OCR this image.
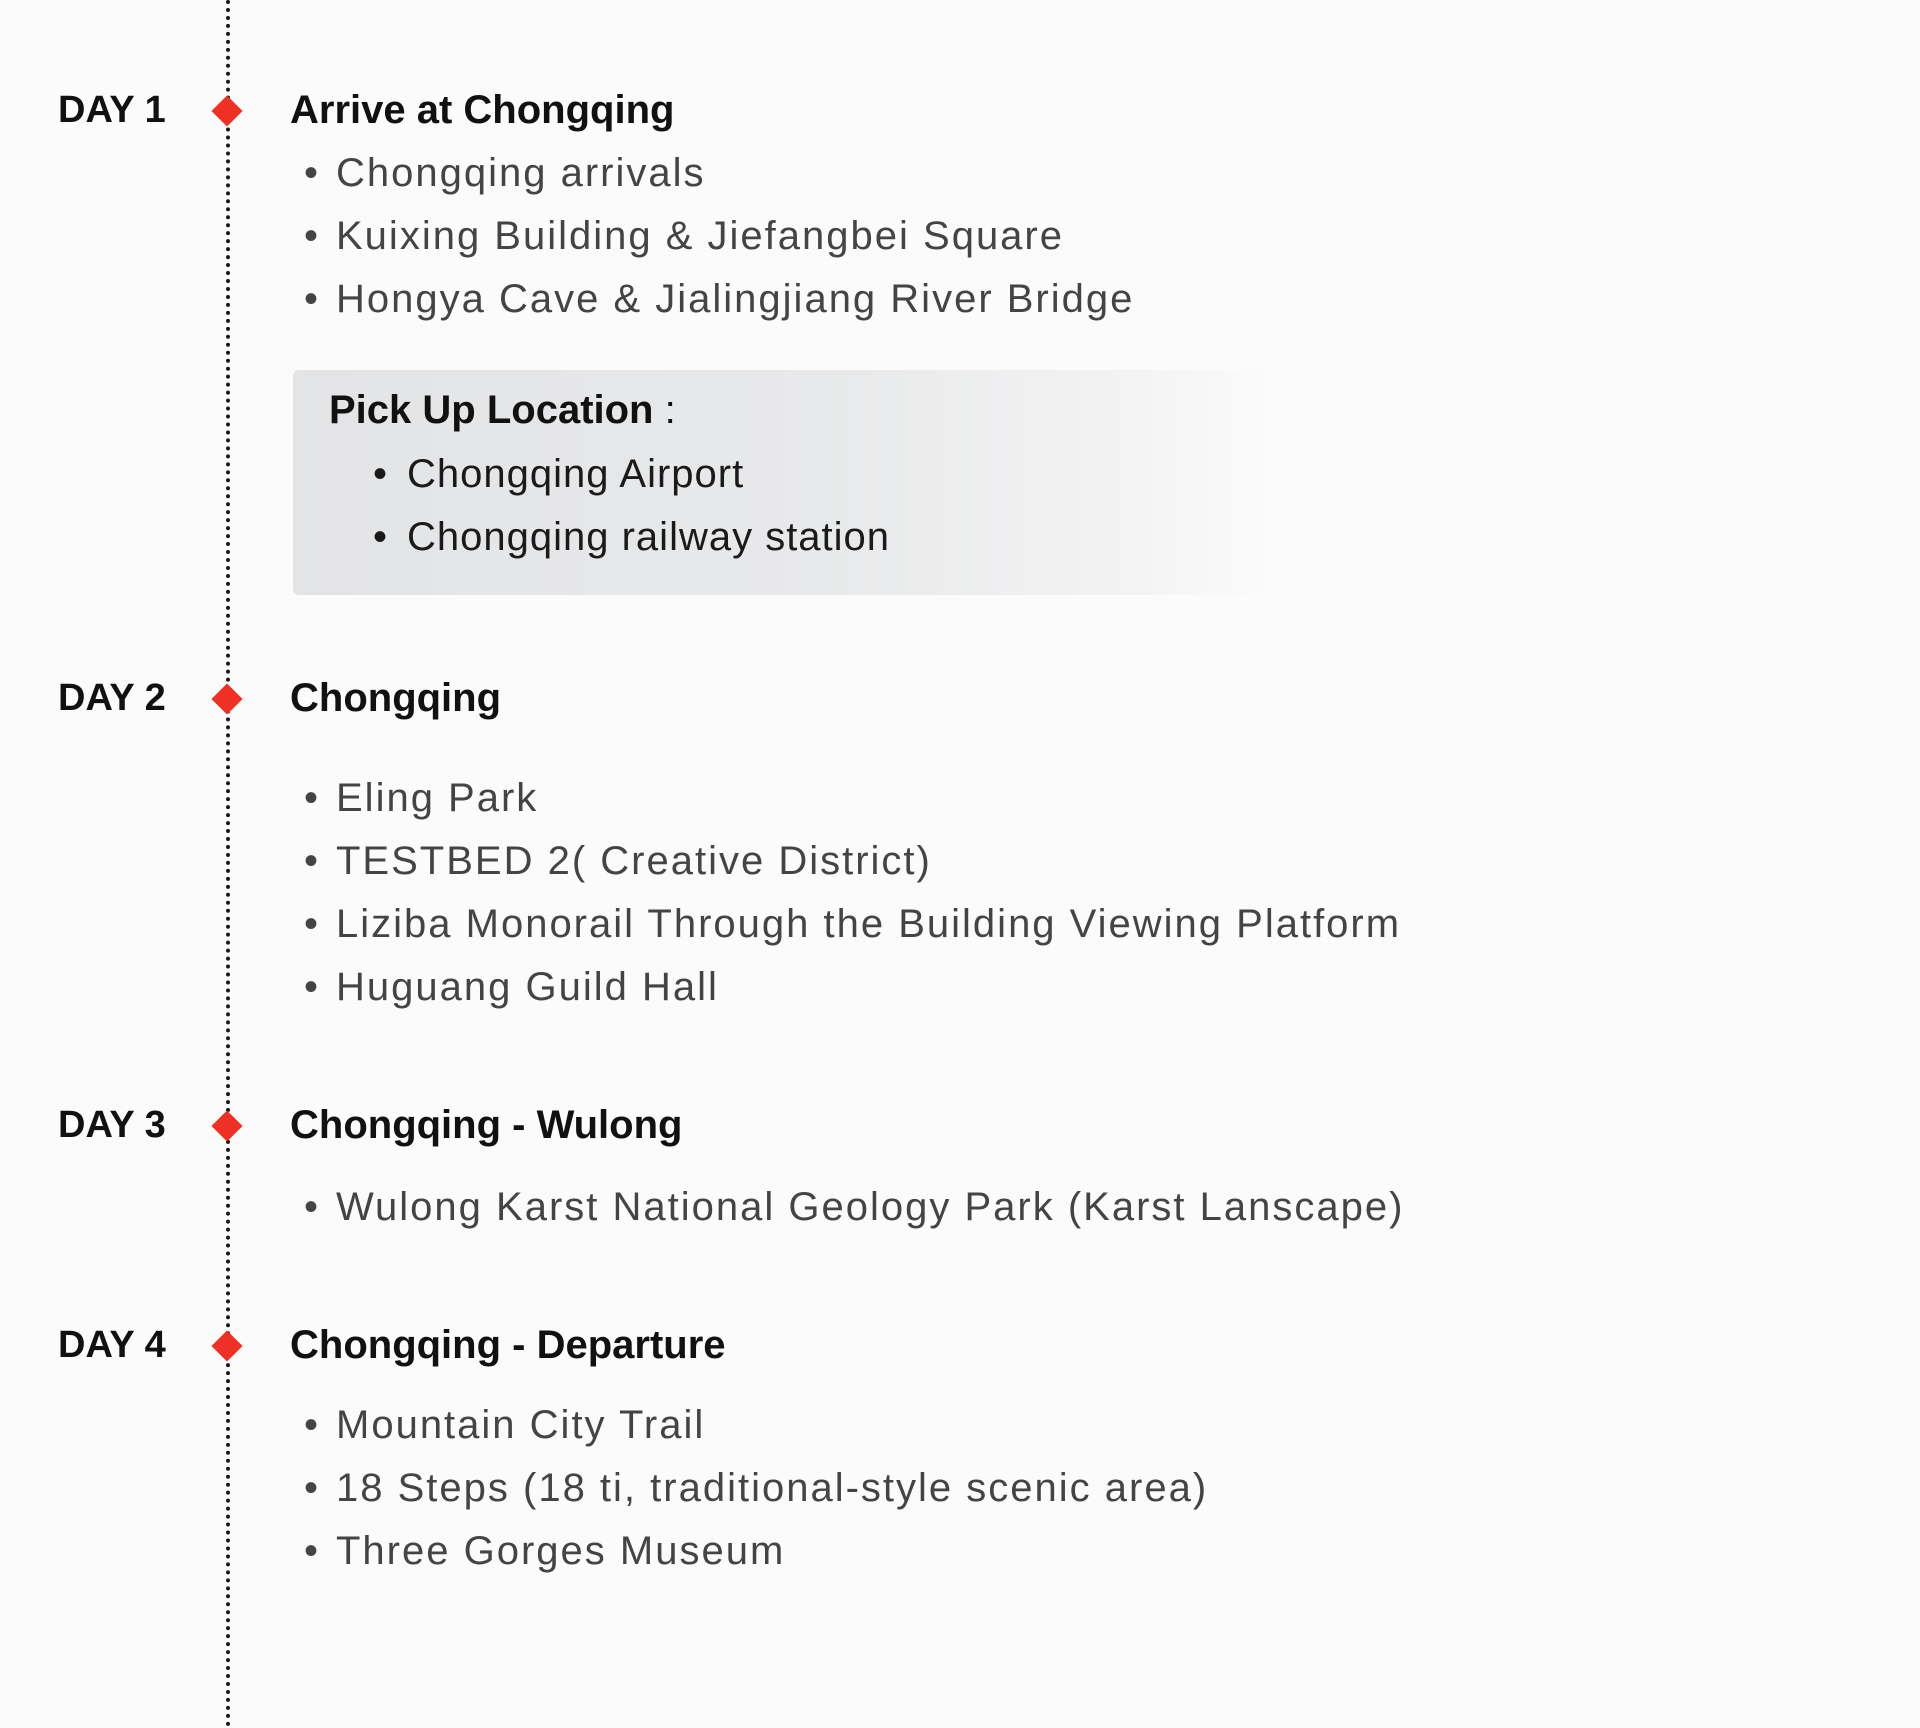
DAY 1	Arrive at Chongqing
• Chongqing arrivals
• Kuixing Building & Jiefangbei Square
• Hongya Cave & Jialingjiang River Bridge
Pick Up Location :
• Chongqing Airport
• Chongqing railway station
DAY 2	Chongqing
• Eling Park
• TESTBED 2( Creative District)
• Liziba Monorail Through the Building Viewing Platform
• Huguang Guild Hall
DAY 3	Chongqing - Wulong
• Wulong Karst National Geology Park (Karst Lanscape)
DAY 4	Chongqing - Departure
• Mountain City Trail
• 18 Steps (18 ti, traditional-style scenic area)
• Three Gorges Museum
